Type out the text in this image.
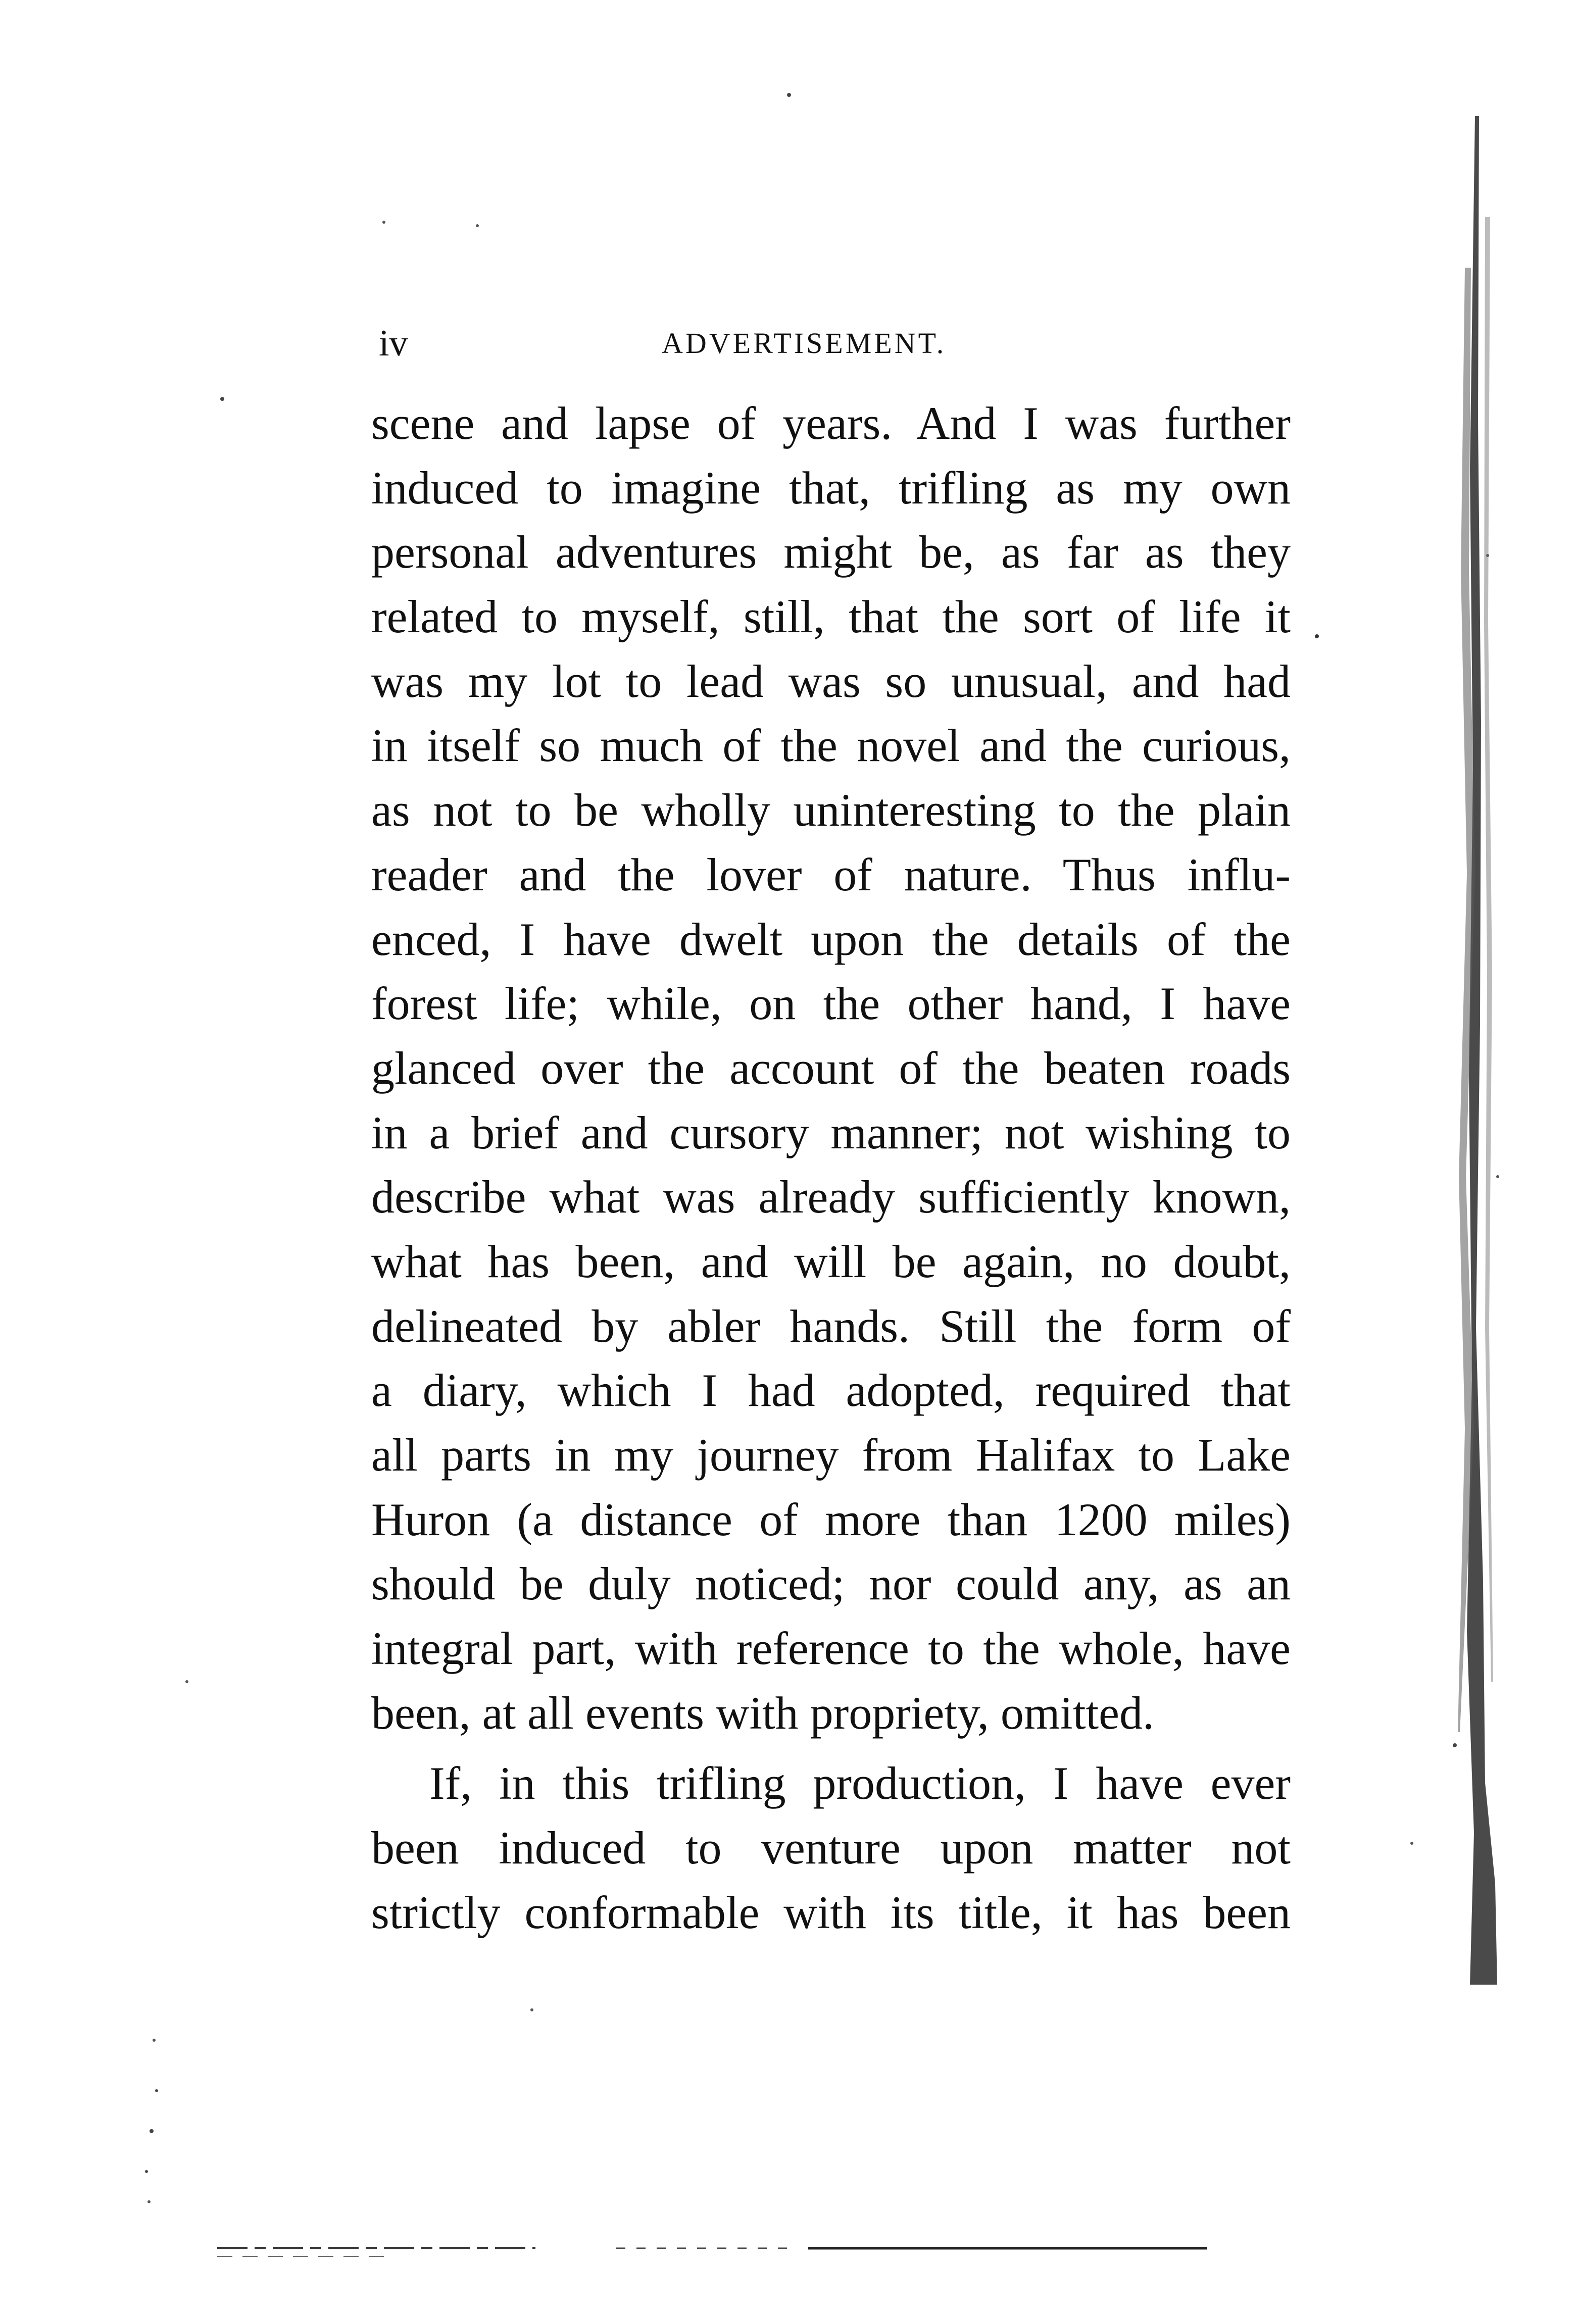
iv	ADVERTISEMENT.
scene and lapse of years. And I was further
induced to imagine that, trifling as my own
personal adventures might be, as far as they
related to myself, still, that the sort of life it
was my lot to lead was so unusual, and had
in itself so much of the novel and the curious,
as not to be wholly uninteresting to the plain
reader and the lover of nature. Thus influ-
enced, I have dwelt upon the details of the
forest life; while, on the other hand, I have
glanced over the account of the beaten roads
in a brief and cursory manner; not wishing to
describe what was already sufficiently known,
what has been, and will be again, no doubt,
delineated by abler hands. Still the form of
a diary, which I had adopted, required that
all parts in my journey from Halifax to Lake
Huron (a distance of more than 1200 miles)
should be duly noticed; nor could any, as an
integral part, with reference to the whole, have
been, at all events with propriety, omitted.
If, in this trifling production, I have ever
been induced to venture upon matter not
strictly conformable with its title, it has been
